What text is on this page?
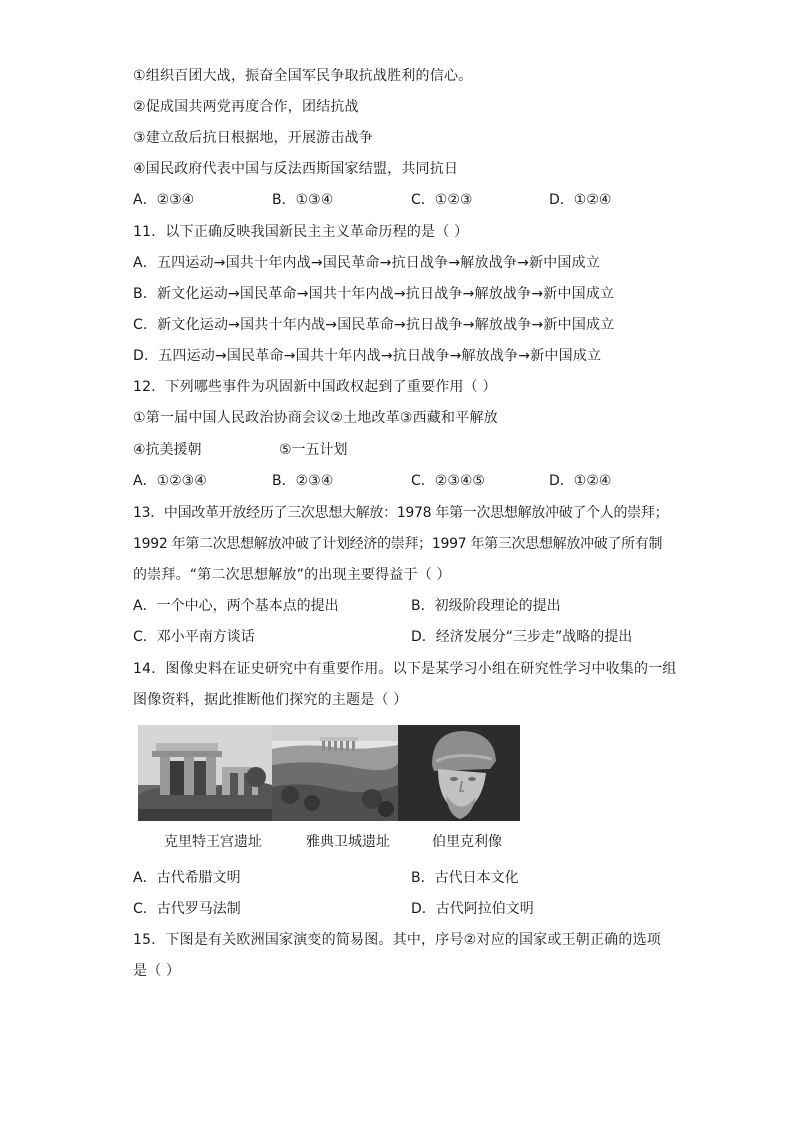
①组织百团大战，振奋全国军民争取抗战胜利的信心。
②促成国共两党再度合作，团结抗战
③建立敌后抗日根据地，开展游击战争
④国民政府代表中国与反法西斯国家结盟，共同抗日
A．②③④	B．①③④	C．①②③	D．①②④
11．以下正确反映我国新民主主义革命历程的是（ ）
A．五四运动→国共十年内战→国民革命→抗日战争→解放战争→新中国成立
B．新文化运动→国民革命→国共十年内战→抗日战争→解放战争→新中国成立
C．新文化运动→国共十年内战→国民革命→抗日战争→解放战争→新中国成立
D．五四运动→国民革命→国共十年内战→抗日战争→解放战争→新中国成立
12．下列哪些事件为巩固新中国政权起到了重要作用（ ）
①第一届中国人民政治协商会议②土地改革③西藏和平解放
④抗美援朝	⑤一五计划
A．①②③④	B．②③④	C．②③④⑤	D．①②④
13．中国改革开放经历了三次思想大解放：1978 年第一次思想解放冲破了个人的崇拜；
1992 年第二次思想解放冲破了计划经济的崇拜；1997 年第三次思想解放冲破了所有制
的崇拜。“第二次思想解放”的出现主要得益于（ ）
A．一个中心，两个基本点的提出	B．初级阶段理论的提出
C．邓小平南方谈话	D．经济发展分“三步走”战略的提出
14．图像史料在证史研究中有重要作用。以下是某学习小组在研究性学习中收集的一组
图像资料，据此推断他们探究的主题是（ ）
克里特王宫遗址	雅典卫城遗址	伯里克利像
A．古代希腊文明	B．古代日本文化
C．古代罗马法制	D．古代阿拉伯文明
15．下图是有关欧洲国家演变的简易图。其中，序号②对应的国家或王朝正确的选项
是（ ）
